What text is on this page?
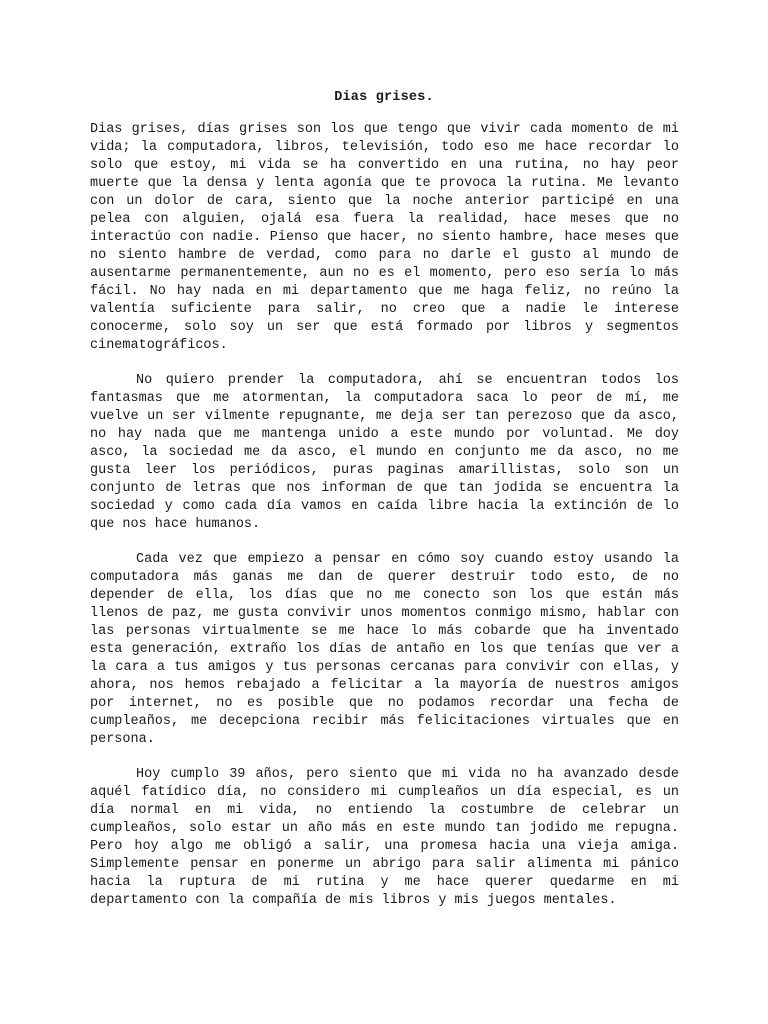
Dias grises.

Dias grises, días grises son los que tengo que vivir cada momento de mi vida; la computadora, libros, televisión, todo eso me hace recordar lo solo que estoy, mi vida se ha convertido en una rutina, no hay peor muerte que la densa y lenta agonía que te provoca la rutina. Me levanto con un dolor de cara, siento que la noche anterior participé en una pelea con alguien, ojalá esa fuera la realidad, hace meses que no interactúo con nadie. Pienso que hacer, no siento hambre, hace meses que no siento hambre de verdad, como para no darle el gusto al mundo de ausentarme permanentemente, aun no es el momento, pero eso sería lo más fácil. No hay nada en mi departamento que me haga feliz, no reúno la valentía suficiente para salir, no creo que a nadie le interese conocerme, solo soy un ser que está formado por libros y segmentos cinematográficos.

No quiero prender la computadora, ahí se encuentran todos los fantasmas que me atormentan, la computadora saca lo peor de mí, me vuelve un ser vilmente repugnante, me deja ser tan perezoso que da asco, no hay nada que me mantenga unido a este mundo por voluntad. Me doy asco, la sociedad me da asco, el mundo en conjunto me da asco, no me gusta leer los periódicos, puras paginas amarillistas, solo son un conjunto de letras que nos informan de que tan jodida se encuentra la sociedad y como cada día vamos en caída libre hacia la extinción de lo que nos hace humanos.

Cada vez que empiezo a pensar en cómo soy cuando estoy usando la computadora más ganas me dan de querer destruir todo esto, de no depender de ella, los días que no me conecto son los que están más llenos de paz, me gusta convivir unos momentos conmigo mismo, hablar con las personas virtualmente se me hace lo más cobarde que ha inventado esta generación, extraño los días de antaño en los que tenías que ver a la cara a tus amigos y tus personas cercanas para convivir con ellas, y ahora, nos hemos rebajado a felicitar a la mayoría de nuestros amigos por internet, no es posible que no podamos recordar una fecha de cumpleaños, me decepciona recibir más felicitaciones virtuales que en persona.

Hoy cumplo 39 años, pero siento que mi vida no ha avanzado desde aquél fatídico día, no considero mi cumpleaños un día especial, es un día normal en mi vida, no entiendo la costumbre de celebrar un cumpleaños, solo estar un año más en este mundo tan jodido me repugna. Pero hoy algo me obligó a salir, una promesa hacia una vieja amiga. Simplemente pensar en ponerme un abrigo para salir alimenta mi pánico hacia la ruptura de mi rutina y me hace querer quedarme en mi departamento con la compañía de mis libros y mis juegos mentales.
